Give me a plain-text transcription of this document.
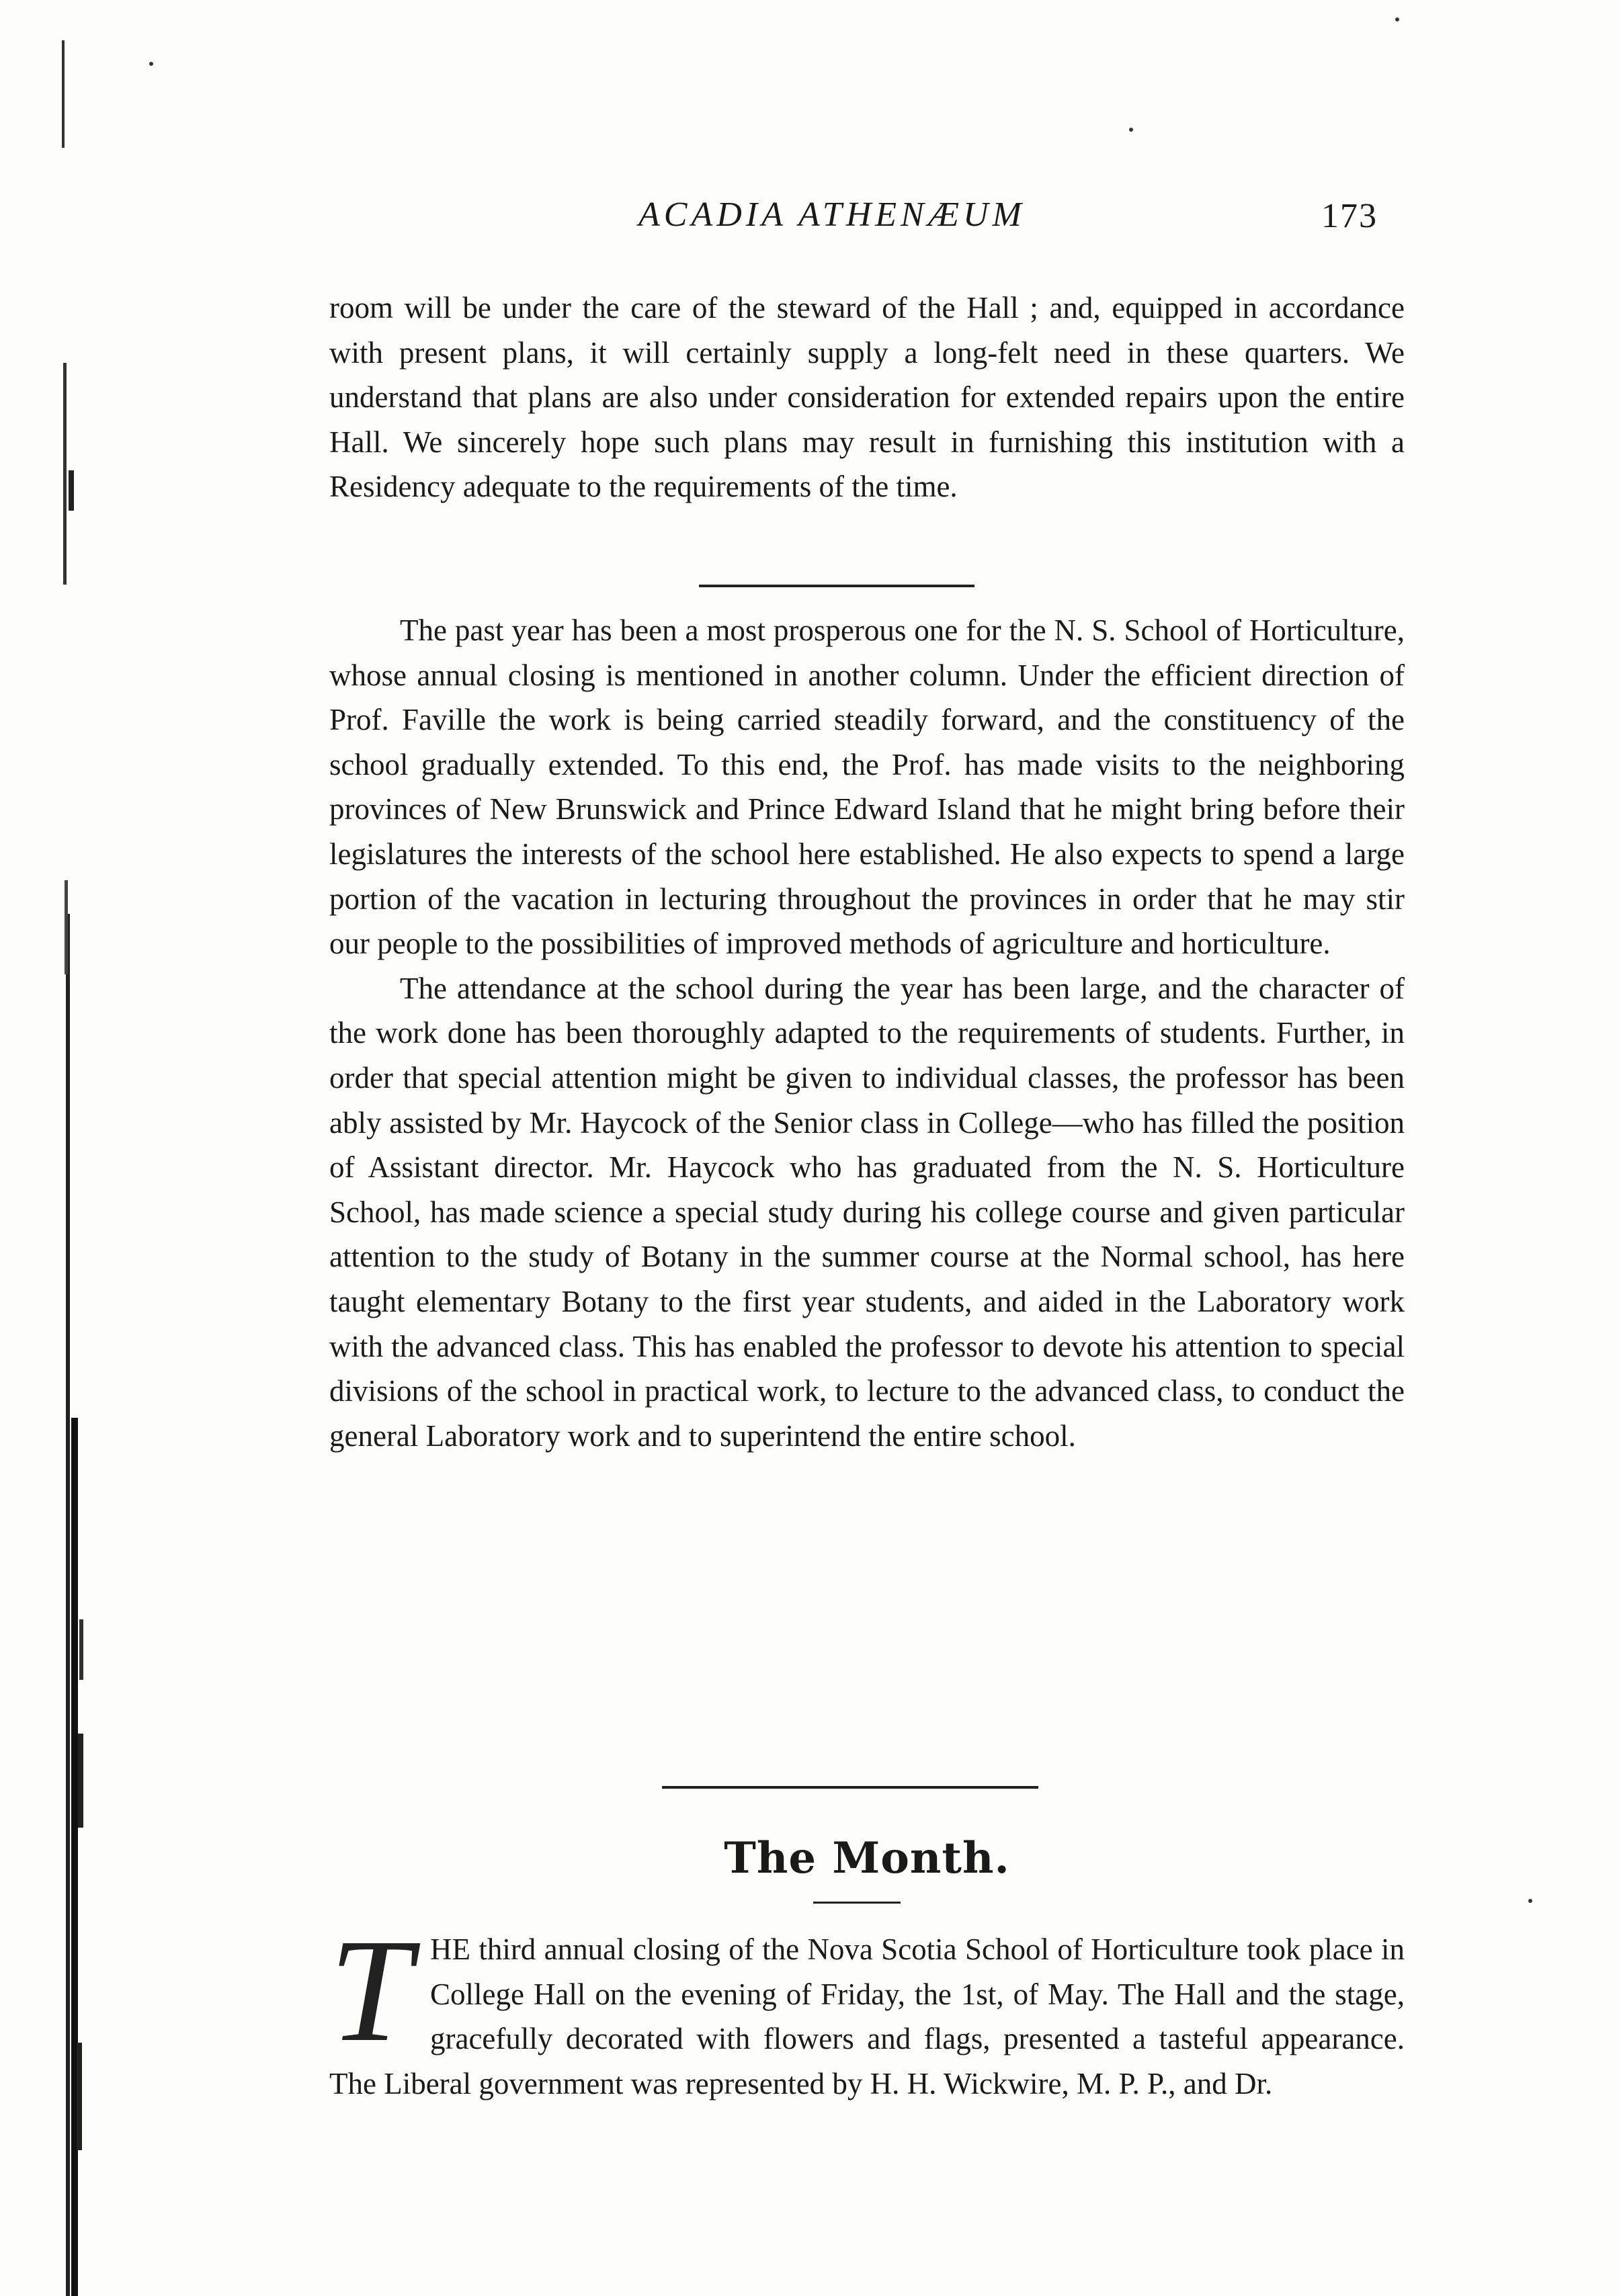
ACADIA ATHENÆUM	173

room will be under the care of the steward of the Hall ; and, equipped in accordance with present plans, it will certainly supply a long-felt need in these quarters. We understand that plans are also under consideration for extended repairs upon the entire Hall. We sincerely hope such plans may result in furnishing this institution with a Residency adequate to the requirements of the time.

The past year has been a most prosperous one for the N. S. School of Horticulture, whose annual closing is mentioned in another column. Under the efficient direction of Prof. Faville the work is being carried steadily forward, and the constituency of the school gradually extended. To this end, the Prof. has made visits to the neighboring provinces of New Brunswick and Prince Edward Island that he might bring before their legislatures the interests of the school here established. He also expects to spend a large portion of the vacation in lecturing throughout the provinces in order that he may stir our people to the possibilities of improved methods of agriculture and horticulture.

The attendance at the school during the year has been large, and the character of the work done has been thoroughly adapted to the requirements of students. Further, in order that special attention might be given to individual classes, the professor has been ably assisted by Mr. Haycock of the Senior class in College—who has filled the position of Assistant director. Mr. Haycock who has graduated from the N. S. Horticulture School, has made science a special study during his college course and given particular attention to the study of Botany in the summer course at the Normal school, has here taught elementary Botany to the first year students, and aided in the Laboratory work with the advanced class. This has enabled the professor to devote his attention to special divisions of the school in practical work, to lecture to the advanced class, to conduct the general Laboratory work and to superintend the entire school.

The Month.

THE third annual closing of the Nova Scotia School of Horticulture took place in College Hall on the evening of Friday, the 1st, of May. The Hall and the stage, gracefully decorated with flowers and flags, presented a tasteful appearance. The Liberal government was represented by H. H. Wickwire, M. P. P., and Dr.
